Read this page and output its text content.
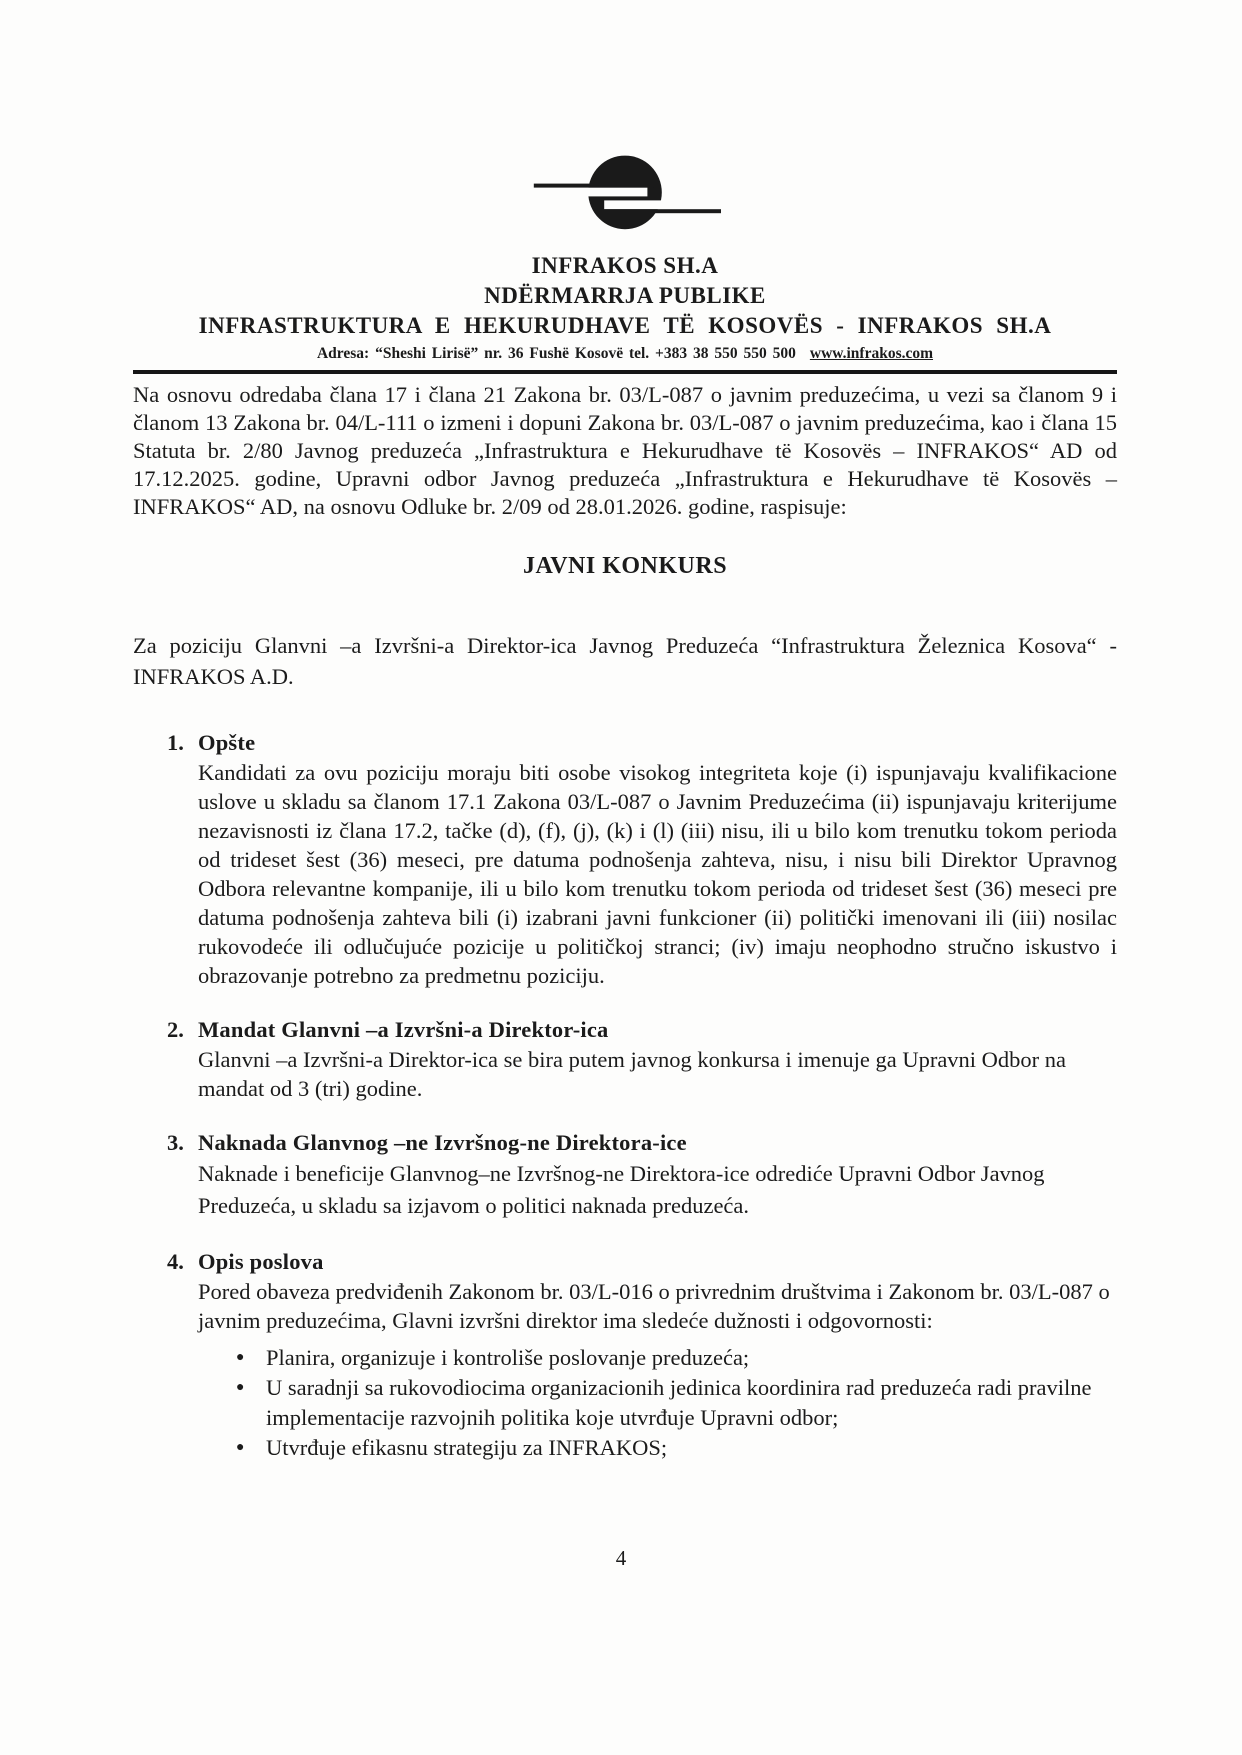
INFRAKOS SH.A
NDËRMARRJA PUBLIKE
INFRASTRUKTURA E HEKURUDHAVE TË KOSOVËS - INFRAKOS SH.A
Adresa: “Sheshi Lirisë” nr. 36 Fushë Kosovë tel. +383 38 550 550 500 www.infrakos.com

Na osnovu odredaba člana 17 i člana 21 Zakona br. 03/L-087 o javnim preduzećima, u vezi sa članom 9 i članom 13 Zakona br. 04/L-111 o izmeni i dopuni Zakona br. 03/L-087 o javnim preduzećima, kao i člana 15 Statuta br. 2/80 Javnog preduzeća „Infrastruktura e Hekurudhave të Kosovës – INFRAKOS“ AD od 17.12.2025. godine, Upravni odbor Javnog preduzeća „Infrastruktura e Hekurudhave të Kosovës – INFRAKOS“ AD, na osnovu Odluke br. 2/09 od 28.01.2026. godine, raspisuje:

JAVNI KONKURS

Za poziciju Glanvni –a Izvršni-a Direktor-ica Javnog Preduzeća “Infrastruktura Železnica Kosova“ - INFRAKOS A.D.

1. Opšte
Kandidati za ovu poziciju moraju biti osobe visokog integriteta koje (i) ispunjavaju kvalifikacione uslove u skladu sa članom 17.1 Zakona 03/L-087 o Javnim Preduzećima (ii) ispunjavaju kriterijume nezavisnosti iz člana 17.2, tačke (d), (f), (j), (k) i (l) (iii) nisu, ili u bilo kom trenutku tokom perioda od trideset šest (36) meseci, pre datuma podnošenja zahteva, nisu, i nisu bili Direktor Upravnog Odbora relevantne kompanije, ili u bilo kom trenutku tokom perioda od trideset šest (36) meseci pre datuma podnošenja zahteva bili (i) izabrani javni funkcioner (ii) politički imenovani ili (iii) nosilac rukovodeće ili odlučujuće pozicije u političkoj stranci; (iv) imaju neophodno stručno iskustvo i obrazovanje potrebno za predmetnu poziciju.
2. Mandat Glanvni –a Izvršni-a Direktor-ica
Glanvni –a Izvršni-a Direktor-ica se bira putem javnog konkursa i imenuje ga Upravni Odbor na mandat od 3 (tri) godine.
3. Naknada Glanvnog –ne Izvršnog-ne Direktora-ice
Naknade i beneficije Glanvnog–ne Izvršnog-ne Direktora-ice odrediće Upravni Odbor Javnog Preduzeća, u skladu sa izjavom o politici naknada preduzeća.
4. Opis poslova
Pored obaveza predviđenih Zakonom br. 03/L-016 o privrednim društvima i Zakonom br. 03/L-087 o javnim preduzećima, Glavni izvršni direktor ima sledeće dužnosti i odgovornosti:
● Planira, organizuje i kontroliše poslovanje preduzeća;
● U saradnji sa rukovodiocima organizacionih jedinica koordinira rad preduzeća radi pravilne implementacije razvojnih politika koje utvrđuje Upravni odbor;
● Utvrđuje efikasnu strategiju za INFRAKOS;
4
